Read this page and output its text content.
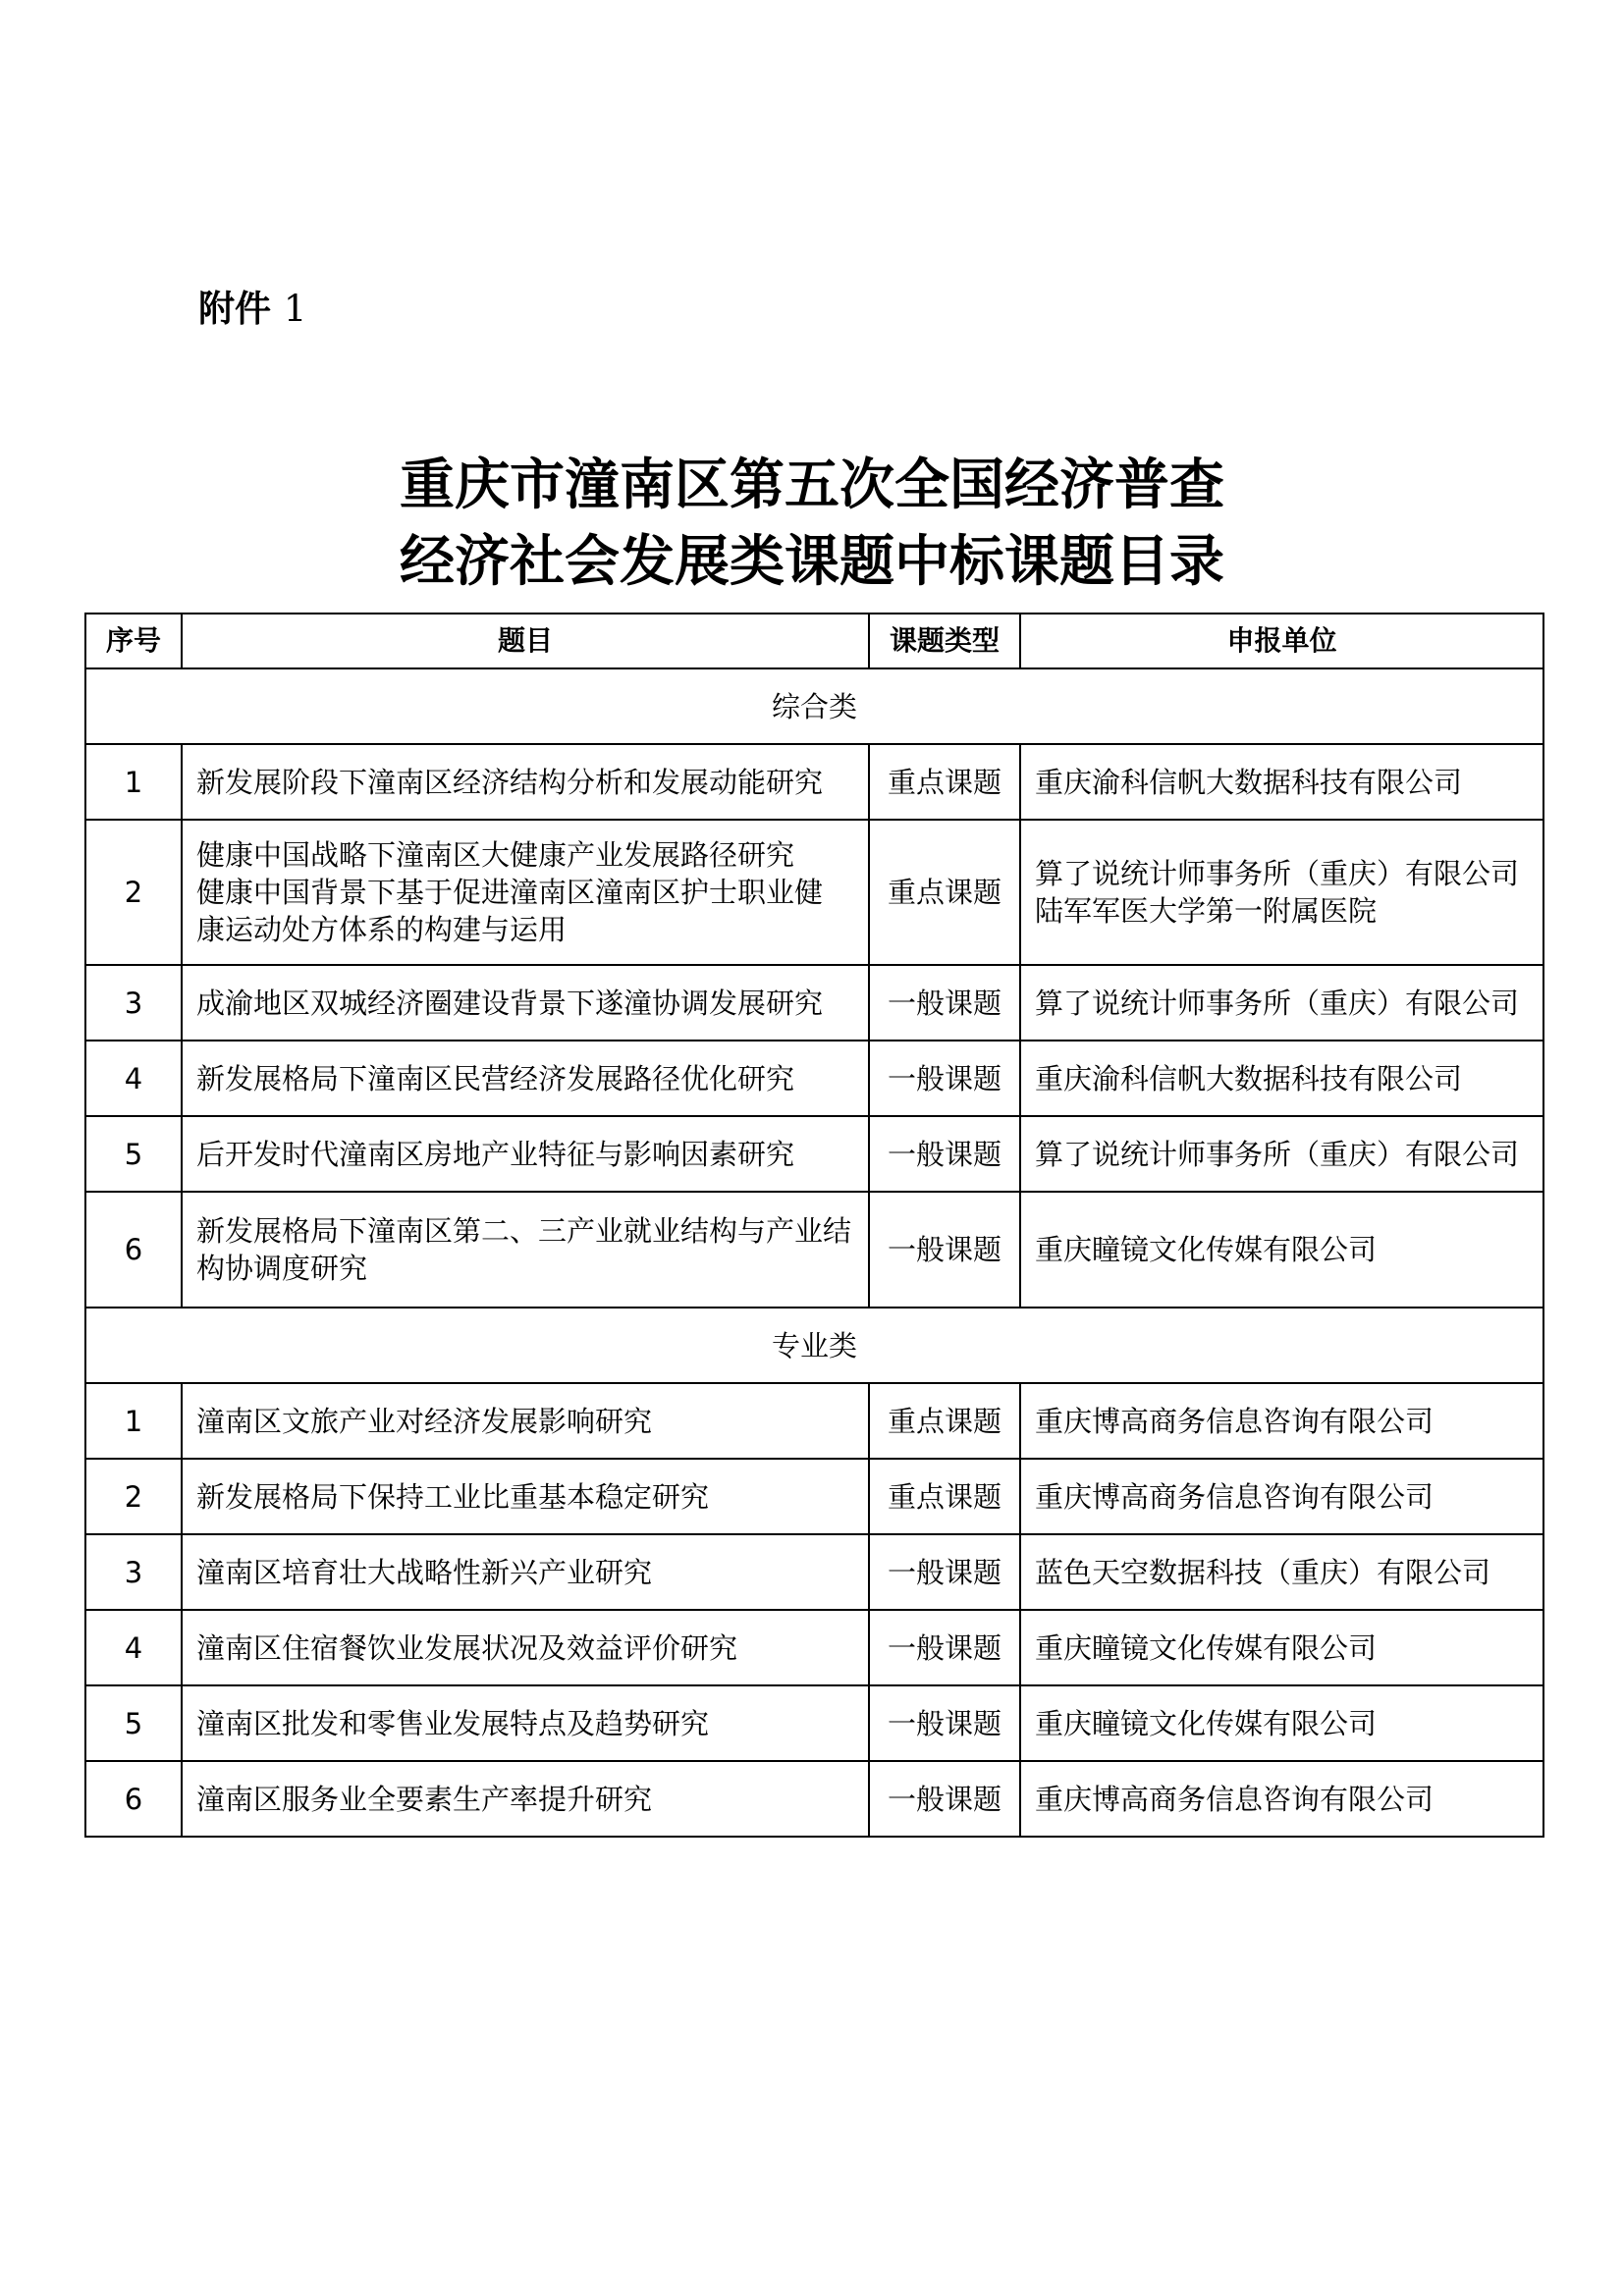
附件 1
重庆市潼南区第五次全国经济普查
经济社会发展类课题中标课题目录
序号	题目	课题类型	申报单位
综合类			
1	新发展阶段下潼南区经济结构分析和发展动能研究	重点课题	重庆渝科信帆大数据科技有限公司

2	健康中国战略下潼南区大健康产业发展路径研究
健康中国背景下基于促进潼南区潼南区护士职业健
康运动处方体系的构建与运用	重点课题	算了说统计师事务所（重庆）有限公司
陆军军医大学第一附属医院

3	成渝地区双城经济圈建设背景下遂潼协调发展研究	一般课题	算了说统计师事务所（重庆）有限公司

4	新发展格局下潼南区民营经济发展路径优化研究	一般课题	重庆渝科信帆大数据科技有限公司

5	后开发时代潼南区房地产业特征与影响因素研究	一般课题	算了说统计师事务所（重庆）有限公司

6	新发展格局下潼南区第二、三产业就业结构与产业结
构协调度研究	一般课题	重庆瞳镜文化传媒有限公司

专业类			
1	潼南区文旅产业对经济发展影响研究	重点课题	重庆博高商务信息咨询有限公司

2	新发展格局下保持工业比重基本稳定研究	重点课题	重庆博高商务信息咨询有限公司

3	潼南区培育壮大战略性新兴产业研究	一般课题	蓝色天空数据科技（重庆）有限公司

4	潼南区住宿餐饮业发展状况及效益评价研究	一般课题	重庆瞳镜文化传媒有限公司

5	潼南区批发和零售业发展特点及趋势研究	一般课题	重庆瞳镜文化传媒有限公司

6	潼南区服务业全要素生产率提升研究	一般课题	重庆博高商务信息咨询有限公司
